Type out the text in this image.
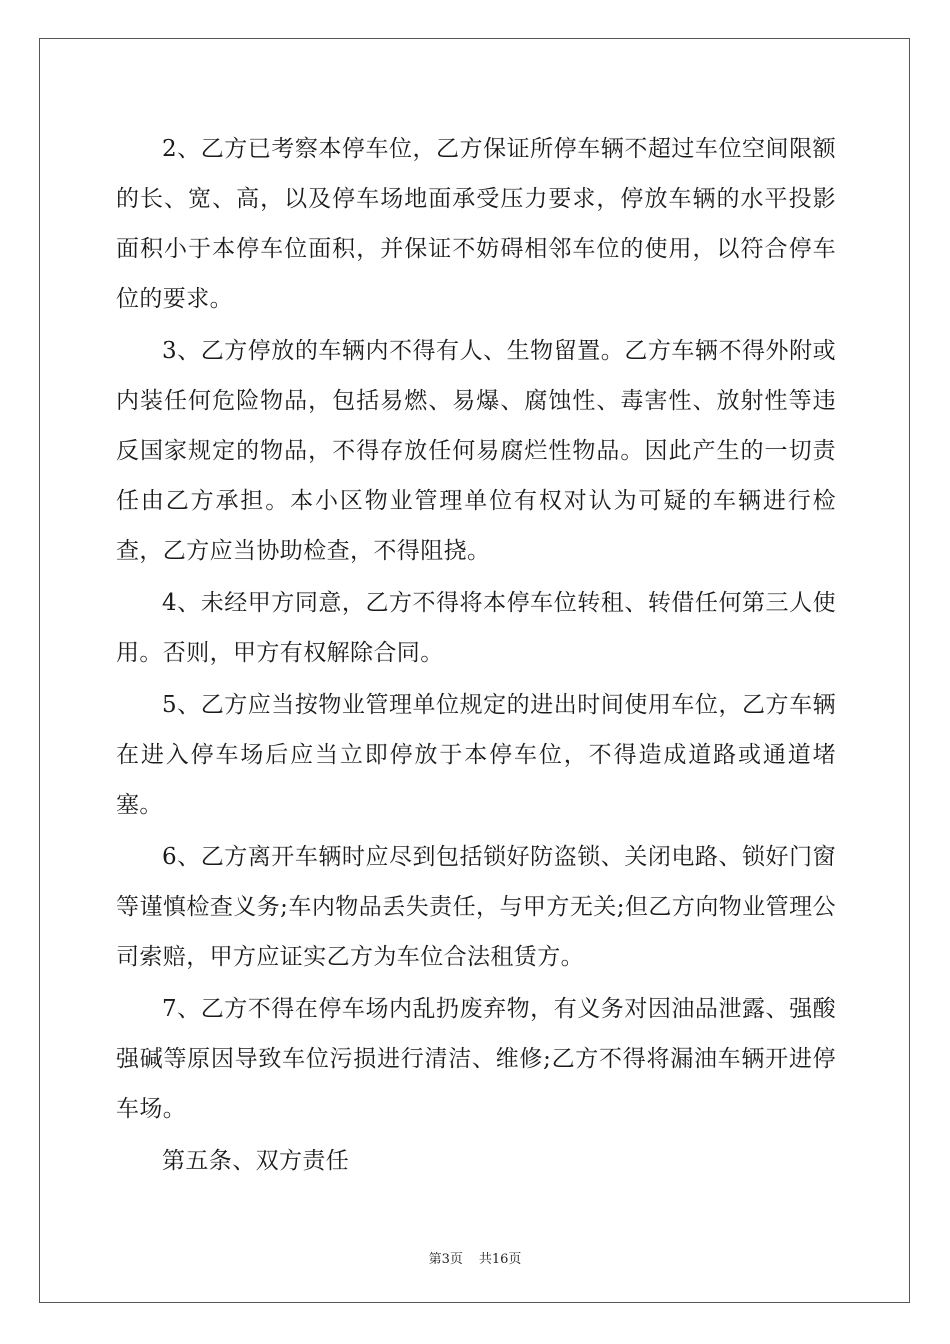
2、乙方已考察本停车位，乙方保证所停车辆不超过车位空间限额的长、宽、高，以及停车场地面承受压力要求，停放车辆的水平投影面积小于本停车位面积，并保证不妨碍相邻车位的使用，以符合停车位的要求。

3、乙方停放的车辆内不得有人、生物留置。乙方车辆不得外附或内装任何危险物品，包括易燃、易爆、腐蚀性、毒害性、放射性等违反国家规定的物品，不得存放任何易腐烂性物品。因此产生的一切责任由乙方承担。本小区物业管理单位有权对认为可疑的车辆进行检查，乙方应当协助检查，不得阻挠。

4、未经甲方同意，乙方不得将本停车位转租、转借任何第三人使用。否则，甲方有权解除合同。

5、乙方应当按物业管理单位规定的进出时间使用车位，乙方车辆在进入停车场后应当立即停放于本停车位，不得造成道路或通道堵塞。

6、乙方离开车辆时应尽到包括锁好防盗锁、关闭电路、锁好门窗等谨慎检查义务;车内物品丢失责任，与甲方无关;但乙方向物业管理公司索赔，甲方应证实乙方为车位合法租赁方。

7、乙方不得在停车场内乱扔废弃物，有义务对因油品泄露、强酸强碱等原因导致车位污损进行清洁、维修;乙方不得将漏油车辆开进停车场。

第五条、双方责任

第3页 共16页
